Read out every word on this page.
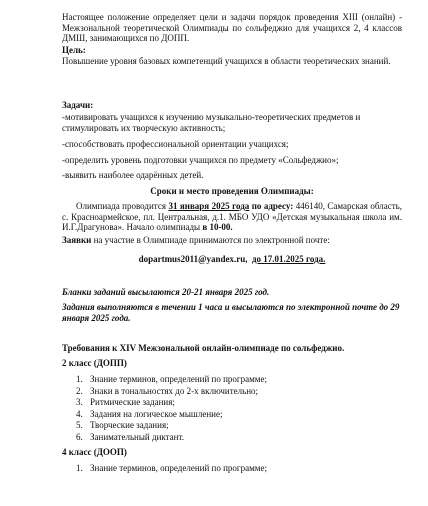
Настоящее положение определяет цели и задачи порядок проведения XIII (онлайн) - Межзональной теоретической Олимпиады по сольфеджио для учащихся 2, 4 классов ДМШ, занимающихся по ДОПП.

Цель:

Повышение уровня базовых компетенций учащихся в области теоретических знаний.

Задачи:

-мотивировать учащихся к изучению музыкально-теоретических предметов и стимулировать их творческую активность;

-способствовать профессиональной ориентации учащихся;

-определить уровень подготовки учащихся по предмету «Сольфеджио»;

-выявить наиболее одарённых детей.

Сроки и место проведения Олимпиады:

Олимпиада проводится 31 января 2025 года по адресу: 446140, Самарская область, с. Красноармейское, пл. Центральная, д.1. МБО УДО «Детская музыкальная школа им. И.Г.Драгунова». Начало олимпиады в 10-00.

Заявки на участие в Олимпиаде принимаются по электронной почте:

dopartmus2011@yandex.ru, до 17.01.2025 года.

Бланки заданий высылаются 20-21 января 2025 год.

Задания выполняются в течении 1 часа и высылаются по электронной почте до 29 января 2025 года.

Требования к XIV Межзональной онлайн-олимпиаде по сольфеджио.
2 класс (ДОПП)
1. Знание терминов, определений по программе;
2. Знаки в тональностях до 2-х включительно;
3. Ритмические задания;
4. Задания на логическое мышление;
5. Творческие задания;
6. Занимательный диктант.
4 класс (ДООП)
1. Знание терминов, определений по программе;
